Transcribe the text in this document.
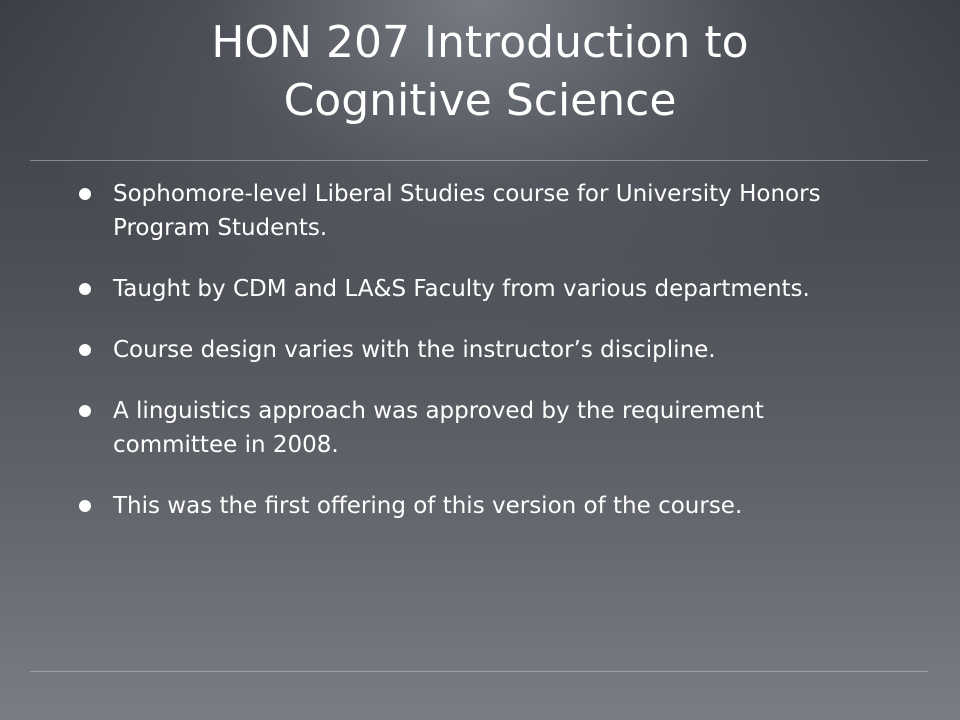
HON 207 Introduction to
Cognitive Science
Sophomore-level Liberal Studies course for University Honors Program Students.
Taught by CDM and LA&S Faculty from various departments.
Course design varies with the instructor’s discipline.
A linguistics approach was approved by the requirement committee in 2008.
This was the first offering of this version of the course.
